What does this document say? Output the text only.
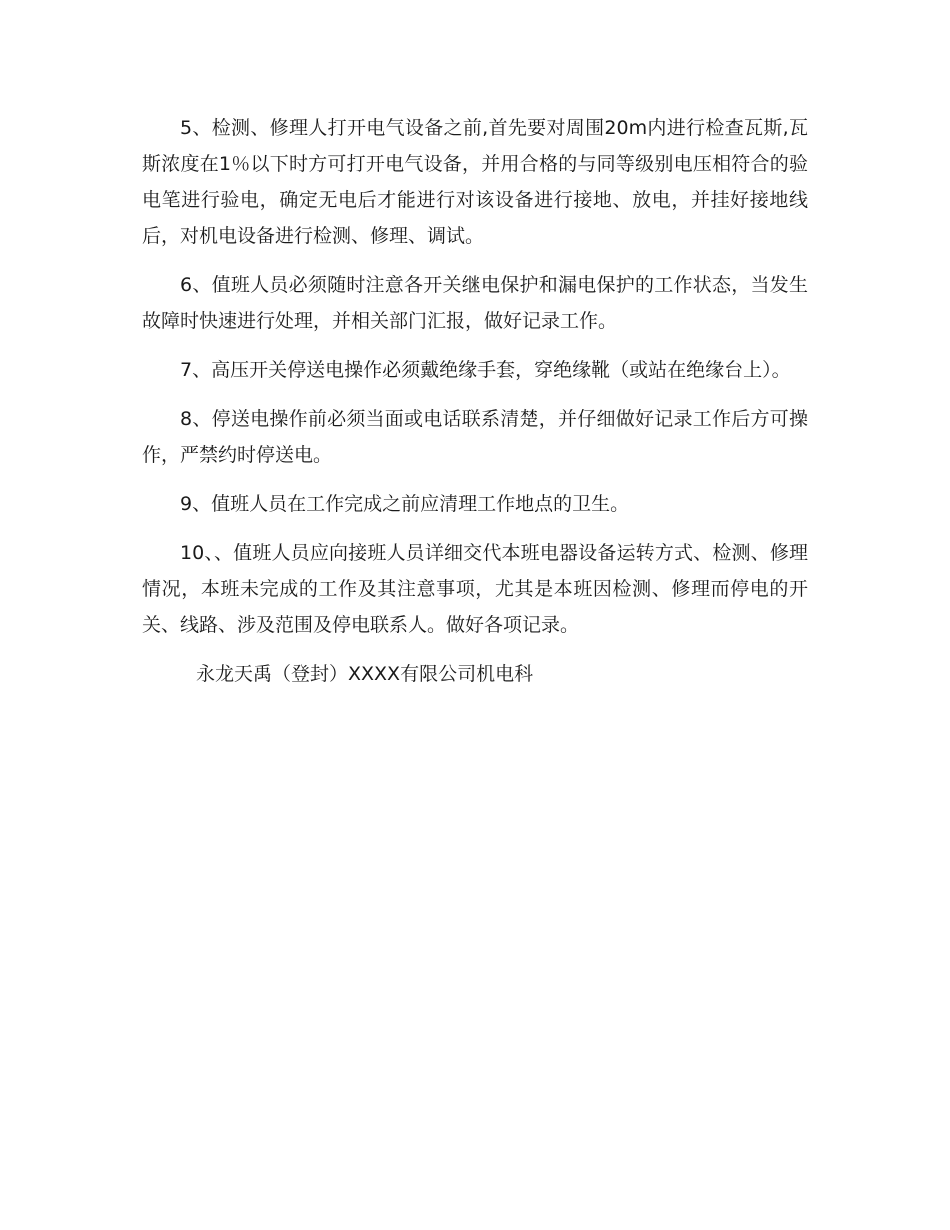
5、检测、修理人打开电气设备之前,首先要对周围20m内进行检查瓦斯,瓦斯浓度在1％以下时方可打开电气设备，并用合格的与同等级别电压相符合的验电笔进行验电，确定无电后才能进行对该设备进行接地、放电，并挂好接地线后，对机电设备进行检测、修理、调试。

6、值班人员必须随时注意各开关继电保护和漏电保护的工作状态，当发生故障时快速进行处理，并相关部门汇报，做好记录工作。

7、高压开关停送电操作必须戴绝缘手套，穿绝缘靴（或站在绝缘台上）。

8、停送电操作前必须当面或电话联系清楚，并仔细做好记录工作后方可操作，严禁约时停送电。

9、值班人员在工作完成之前应清理工作地点的卫生。

10、、值班人员应向接班人员详细交代本班电器设备运转方式、检测、修理情况，本班未完成的工作及其注意事项，尤其是本班因检测、修理而停电的开关、线路、涉及范围及停电联系人。做好各项记录。

永龙天禹（登封）XXXX有限公司机电科
